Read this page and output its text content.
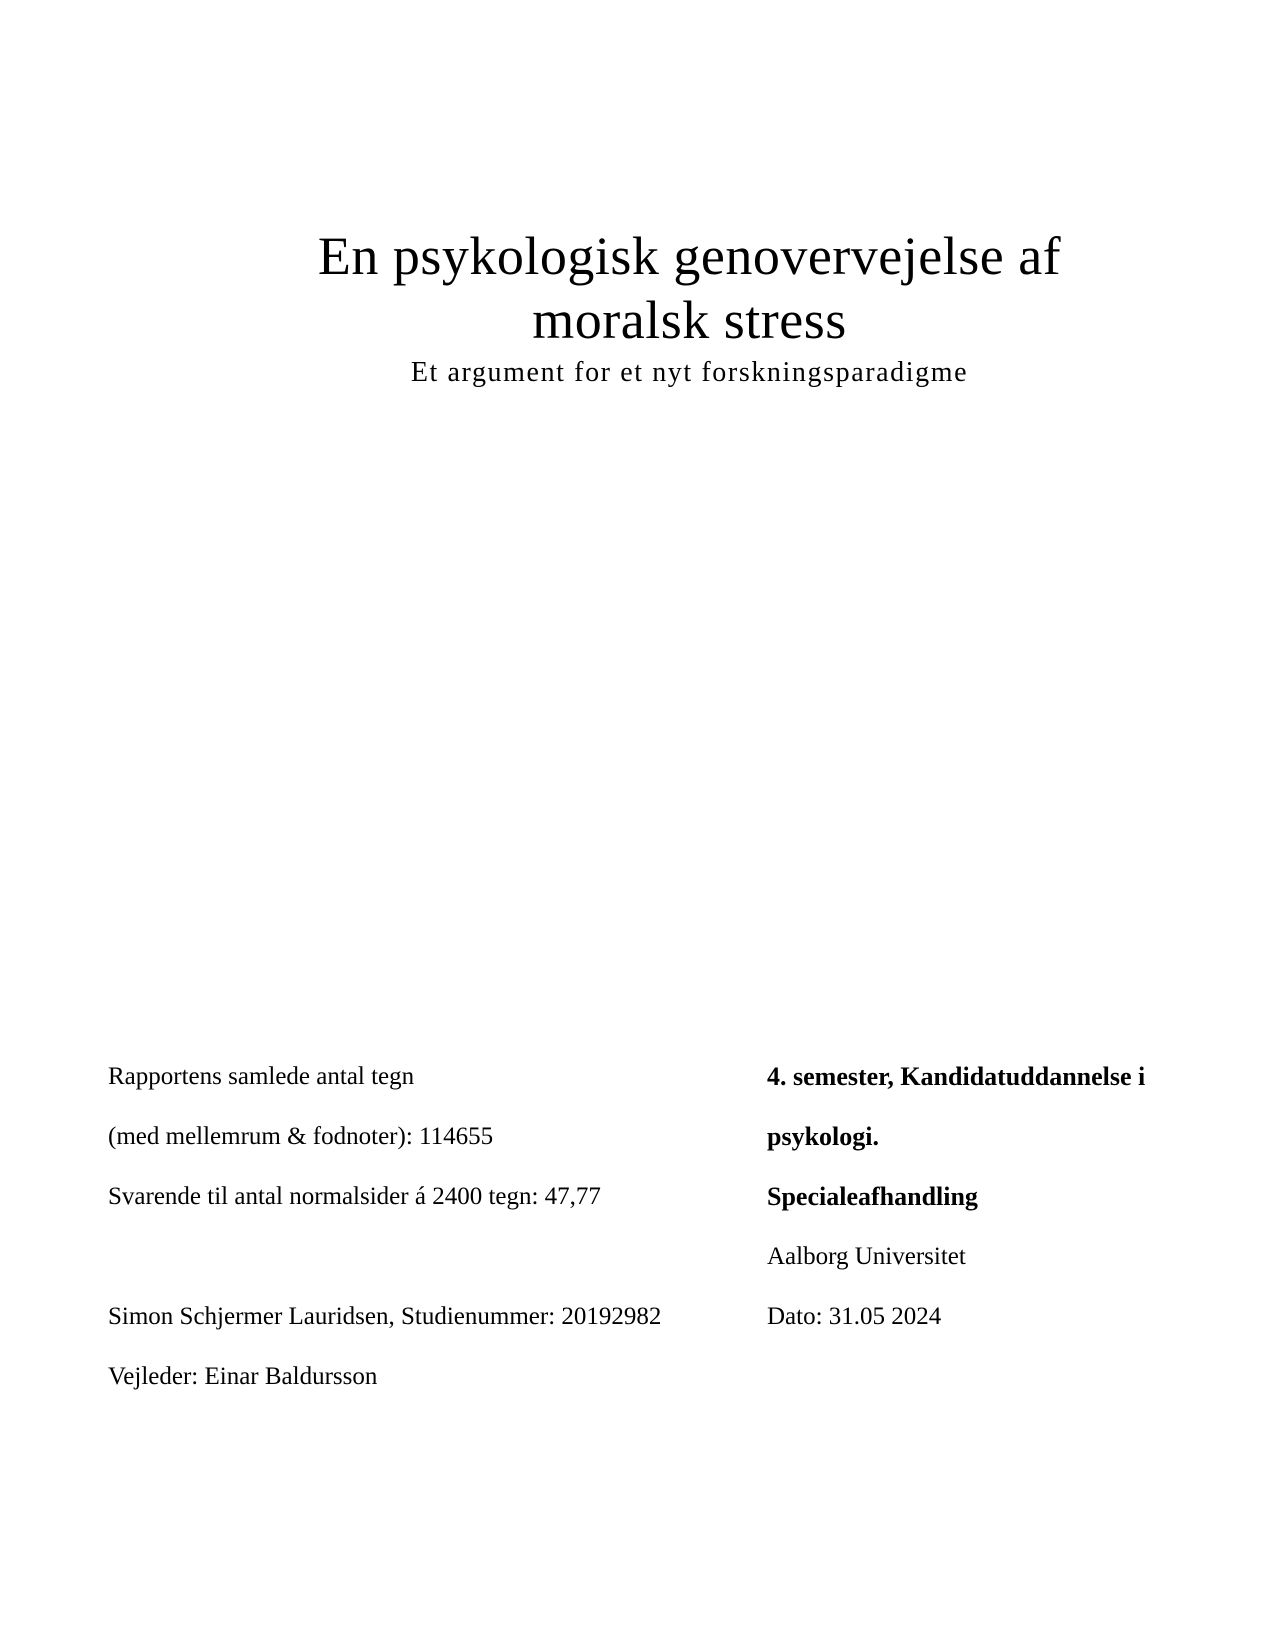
En psykologisk genovervejelse af
moralsk stress
Et argument for et nyt forskningsparadigme

Rapportens samlede antal tegn

(med mellemrum & fodnoter): 114655

Svarende til antal normalsider á 2400 tegn: 47,77

Simon Schjermer Lauridsen, Studienummer: 20192982

Vejleder: Einar Baldursson

4. semester, Kandidatuddannelse i
psykologi.

Specialeafhandling

Aalborg Universitet

Dato: 31.05 2024
